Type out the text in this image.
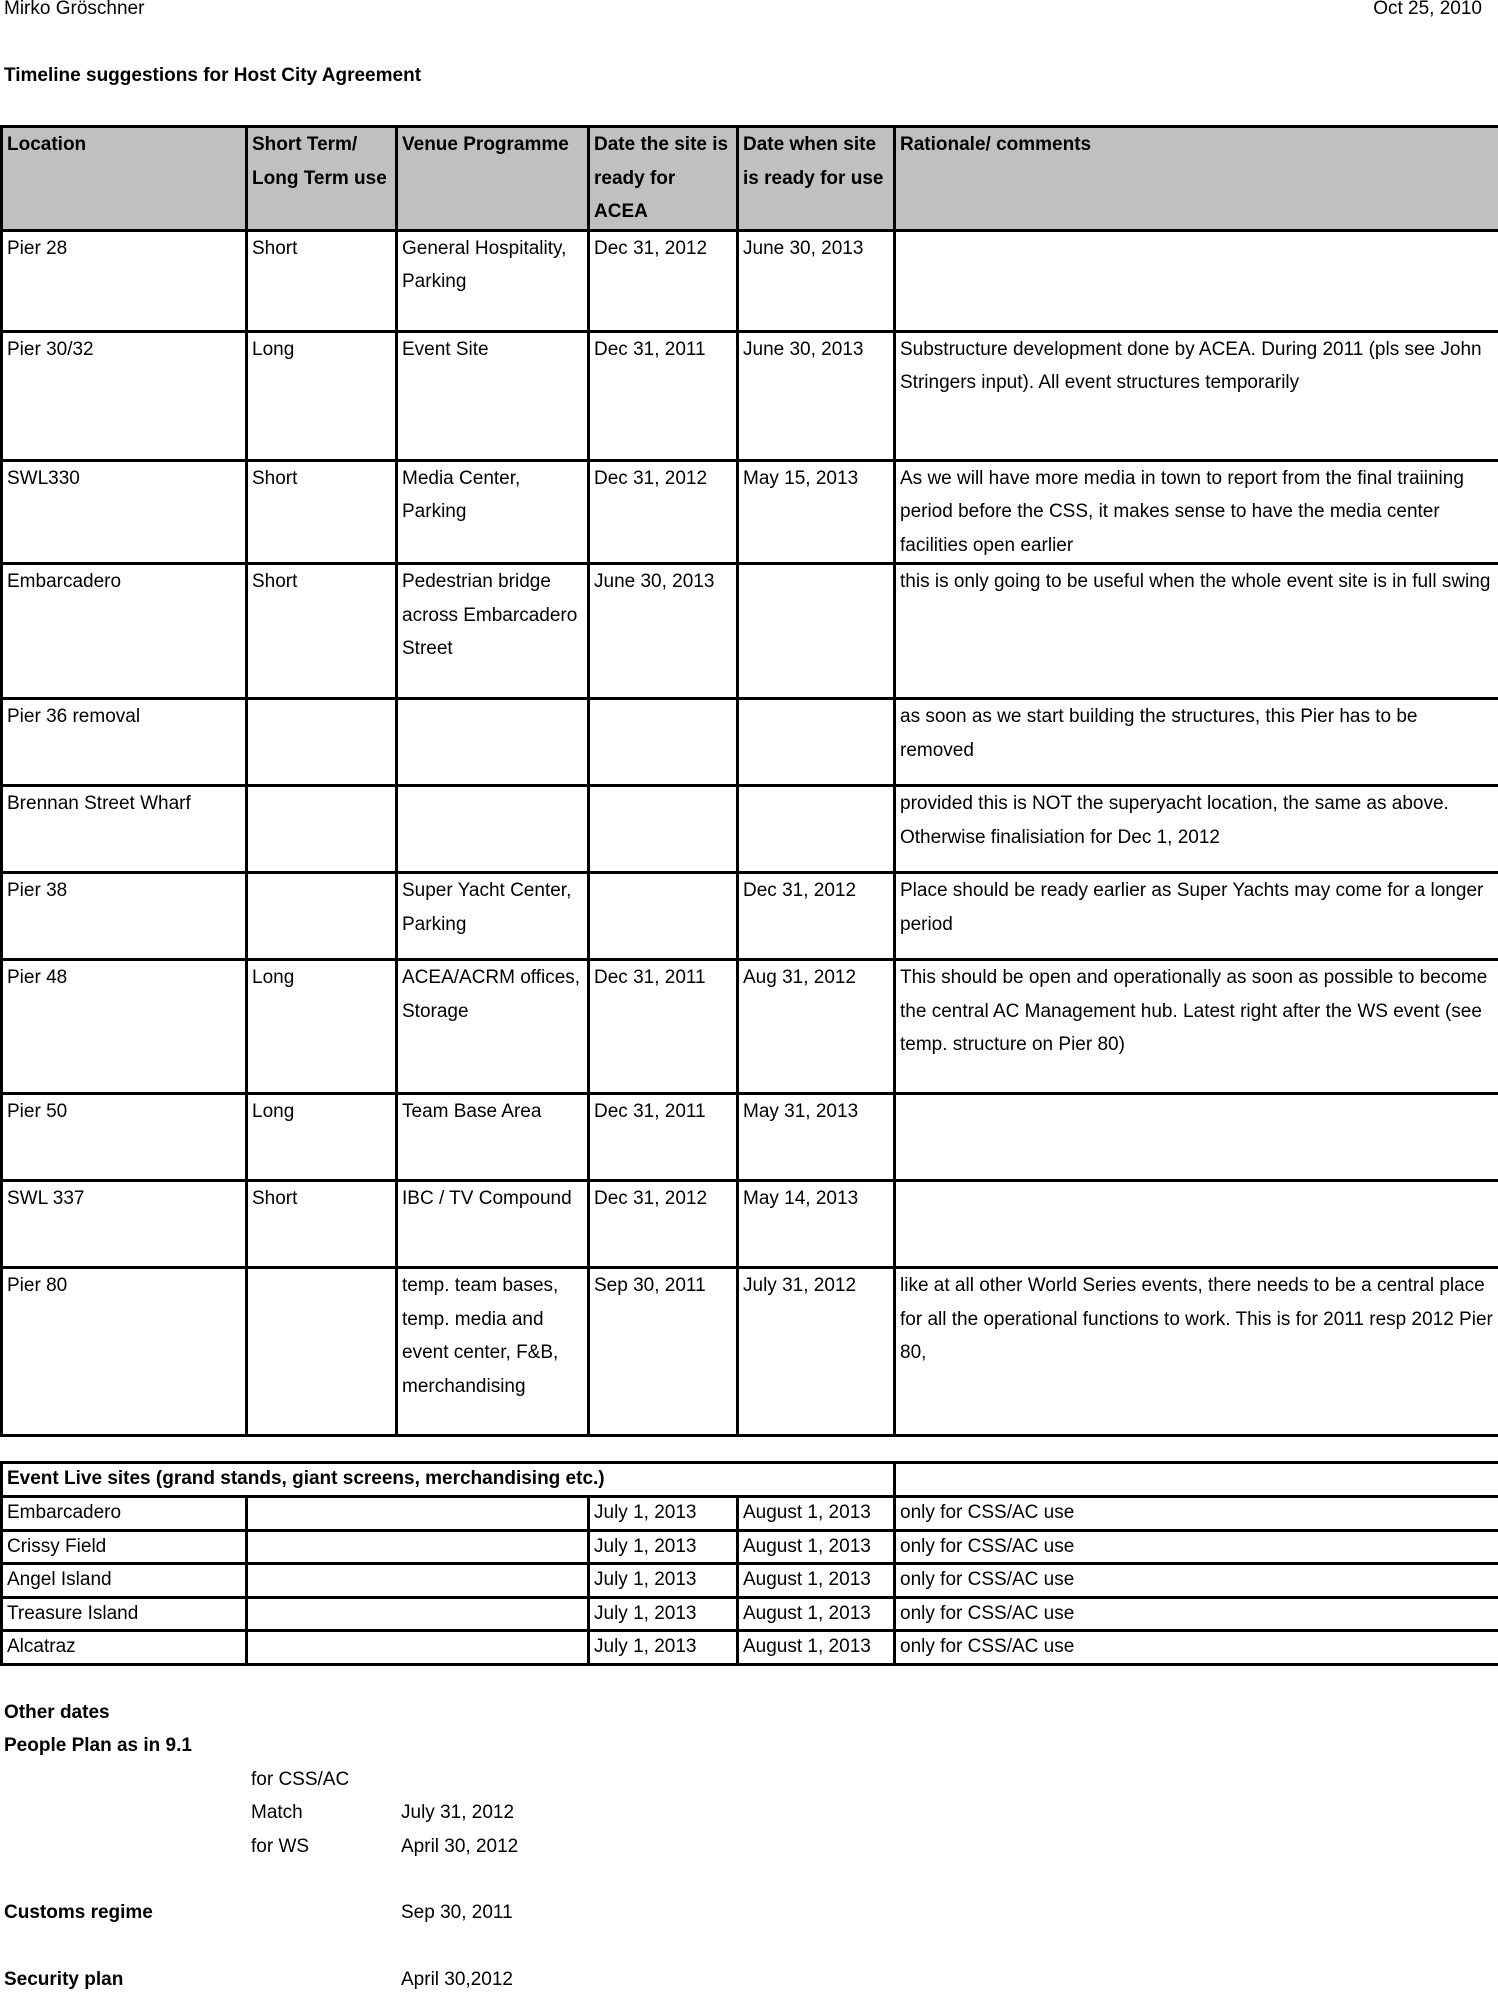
Mirko Gröschner	Oct 25, 2010
Timeline suggestions for Host City Agreement
Location	Short Term/ Long Term use	Venue Programme	Date the site is ready for ACEA	Date when site is ready for use	Rationale/ comments
Pier 28	Short	General Hospitality, Parking	Dec 31, 2012	June 30, 2013	
Pier 30/32	Long	Event Site	Dec 31, 2011	June 30, 2013	Substructure development done by ACEA. During 2011 (pls see John Stringers input). All event structures temporarily
SWL330	Short	Media Center, Parking	Dec 31, 2012	May 15, 2013	As we will have more media in town to report from the final traiining period before the CSS, it makes sense to have the media center facilities open earlier
Embarcadero	Short	Pedestrian bridge across Embarcadero Street	June 30, 2013		this is only going to be useful when the whole event site is in full swing
Pier 36 removal					as soon as we start building the structures, this Pier has to be removed
Brennan Street Wharf					provided this is NOT the superyacht location, the same as above. Otherwise finalisiation for Dec 1, 2012
Pier 38		Super Yacht Center, Parking		Dec 31, 2012	Place should be ready earlier as Super Yachts may come for a longer period
Pier 48	Long	ACEA/ACRM offices, Storage	Dec 31, 2011	Aug 31, 2012	This should be open and operationally as soon as possible to become the central AC Management hub. Latest right after the WS event (see temp. structure on Pier 80)
Pier 50	Long	Team Base Area	Dec 31, 2011	May 31, 2013	
SWL 337	Short	IBC / TV Compound	Dec 31, 2012	May 14, 2013	
Pier 80		temp. team bases, temp. media and event center, F&B, merchandising	Sep 30, 2011	July 31, 2012	like at all other World Series events, there needs to be a central place for all the operational functions to work. This is for 2011 resp 2012 Pier 80,
Event Live sites (grand stands, giant screens, merchandising etc.)				
Embarcadero		July 1, 2013	August 1, 2013	only for CSS/AC use
Crissy Field		July 1, 2013	August 1, 2013	only for CSS/AC use
Angel Island		July 1, 2013	August 1, 2013	only for CSS/AC use
Treasure Island		July 1, 2013	August 1, 2013	only for CSS/AC use
Alcatraz		July 1, 2013	August 1, 2013	only for CSS/AC use
Other dates
People Plan as in 9.1
for CSS/AC
Match	July 31, 2012
for WS	April 30, 2012
Customs regime	Sep 30, 2011
Security plan	April 30,2012
